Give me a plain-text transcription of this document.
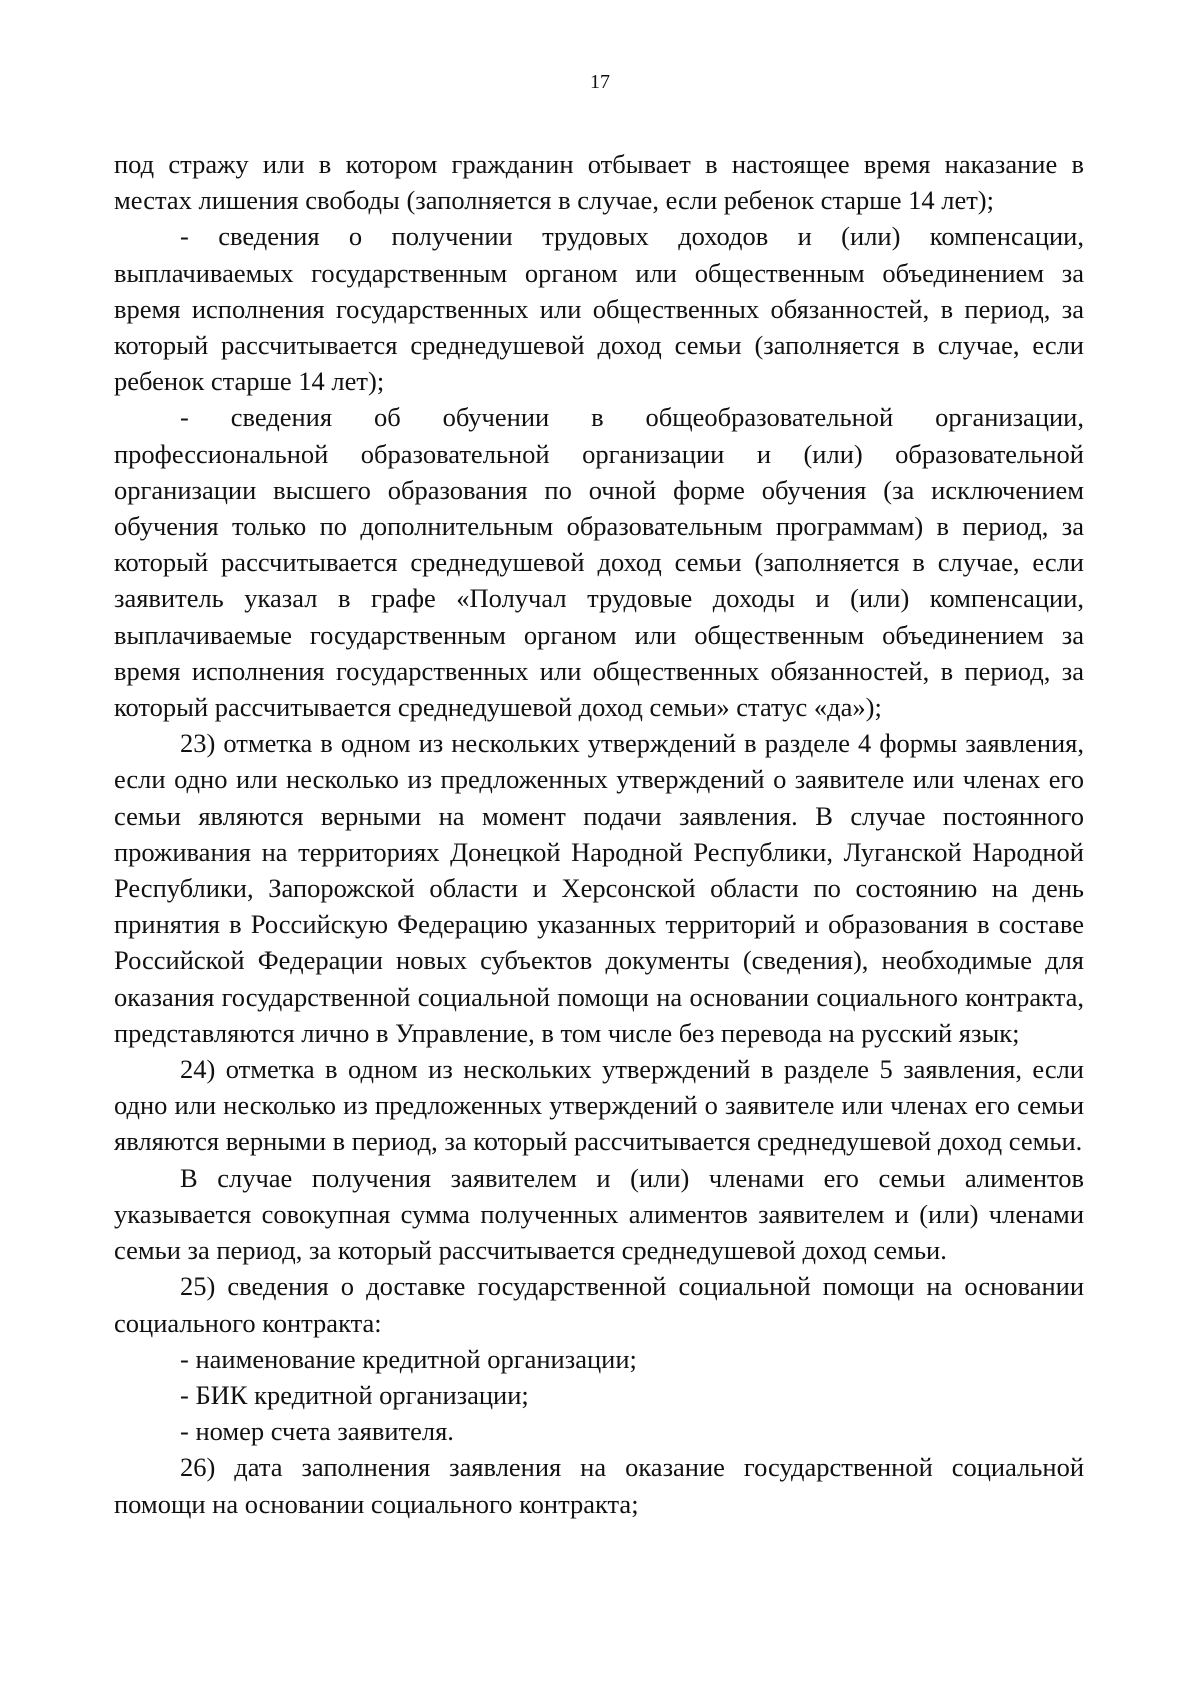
17

под стражу или в котором гражданин отбывает в настоящее время наказание в местах лишения свободы (заполняется в случае, если ребенок старше 14 лет);

- сведения о получении трудовых доходов и (или) компенсации, выплачиваемых государственным органом или общественным объединением за время исполнения государственных или общественных обязанностей, в период, за который рассчитывается среднедушевой доход семьи (заполняется в случае, если ребенок старше 14 лет);

- сведения об обучении в общеобразовательной организации, профессиональной образовательной организации и (или) образовательной организации высшего образования по очной форме обучения (за исключением обучения только по дополнительным образовательным программам) в период, за который рассчитывается среднедушевой доход семьи (заполняется в случае, если заявитель указал в графе «Получал трудовые доходы и (или) компенсации, выплачиваемые государственным органом или общественным объединением за время исполнения государственных или общественных обязанностей, в период, за который рассчитывается среднедушевой доход семьи» статус «да»);

23) отметка в одном из нескольких утверждений в разделе 4 формы заявления, если одно или несколько из предложенных утверждений о заявителе или членах его семьи являются верными на момент подачи заявления. В случае постоянного проживания на территориях Донецкой Народной Республики, Луганской Народной Республики, Запорожской области и Херсонской области по состоянию на день принятия в Российскую Федерацию указанных территорий и образования в составе Российской Федерации новых субъектов документы (сведения), необходимые для оказания государственной социальной помощи на основании социального контракта, представляются лично в Управление, в том числе без перевода на русский язык;

24) отметка в одном из нескольких утверждений в разделе 5 заявления, если одно или несколько из предложенных утверждений о заявителе или членах его семьи являются верными в период, за который рассчитывается среднедушевой доход семьи.

В случае получения заявителем и (или) членами его семьи алиментов указывается совокупная сумма полученных алиментов заявителем и (или) членами семьи за период, за который рассчитывается среднедушевой доход семьи.

25) сведения о доставке государственной социальной помощи на основании социального контракта:

- наименование кредитной организации;

- БИК кредитной организации;

- номер счета заявителя.

26) дата заполнения заявления на оказание государственной социальной помощи на основании социального контракта;
